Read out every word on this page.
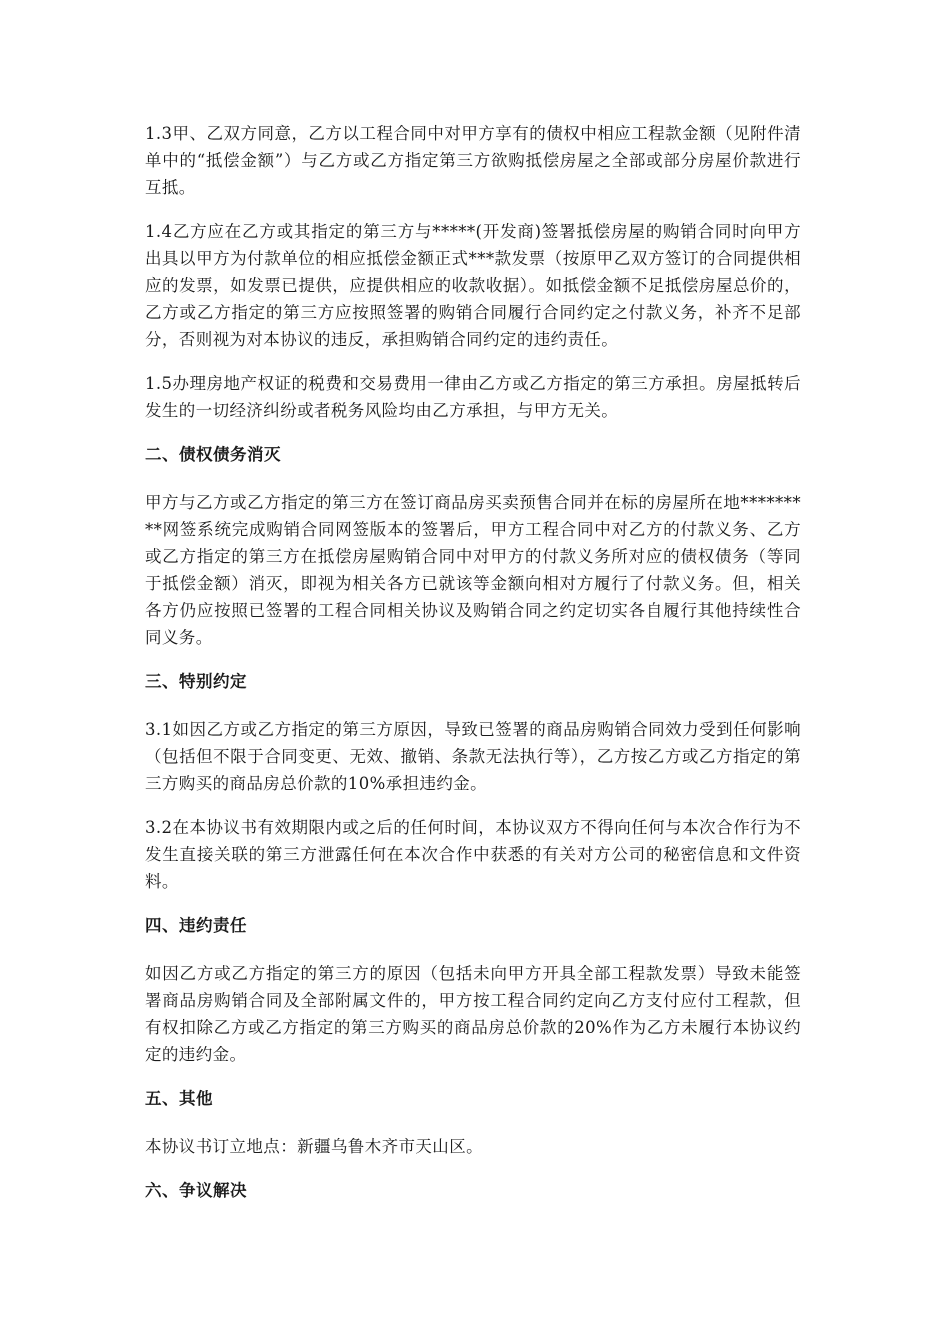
1.3甲、乙双方同意，乙方以工程合同中对甲方享有的债权中相应工程款金额（见附件清单中的“抵偿金额”）与乙方或乙方指定第三方欲购抵偿房屋之全部或部分房屋价款进行互抵。

1.4乙方应在乙方或其指定的第三方与*****(开发商)签署抵偿房屋的购销合同时向甲方出具以甲方为付款单位的相应抵偿金额正式***款发票（按原甲乙双方签订的合同提供相应的发票，如发票已提供，应提供相应的收款收据）。如抵偿金额不足抵偿房屋总价的，乙方或乙方指定的第三方应按照签署的购销合同履行合同约定之付款义务，补齐不足部分，否则视为对本协议的违反，承担购销合同约定的违约责任。

1.5办理房地产权证的税费和交易费用一律由乙方或乙方指定的第三方承担。房屋抵转后发生的一切经济纠纷或者税务风险均由乙方承担，与甲方无关。

二、债权债务消灭

甲方与乙方或乙方指定的第三方在签订商品房买卖预售合同并在标的房屋所在地*********网签系统完成购销合同网签版本的签署后，甲方工程合同中对乙方的付款义务、乙方或乙方指定的第三方在抵偿房屋购销合同中对甲方的付款义务所对应的债权债务（等同于抵偿金额）消灭，即视为相关各方已就该等金额向相对方履行了付款义务。但，相关各方仍应按照已签署的工程合同相关协议及购销合同之约定切实各自履行其他持续性合同义务。

三、特别约定

3.1如因乙方或乙方指定的第三方原因，导致已签署的商品房购销合同效力受到任何影响（包括但不限于合同变更、无效、撤销、条款无法执行等），乙方按乙方或乙方指定的第三方购买的商品房总价款的10%承担违约金。

3.2在本协议书有效期限内或之后的任何时间，本协议双方不得向任何与本次合作行为不发生直接关联的第三方泄露任何在本次合作中获悉的有关对方公司的秘密信息和文件资料。

四、违约责任

如因乙方或乙方指定的第三方的原因（包括未向甲方开具全部工程款发票）导致未能签署商品房购销合同及全部附属文件的，甲方按工程合同约定向乙方支付应付工程款，但有权扣除乙方或乙方指定的第三方购买的商品房总价款的20%作为乙方未履行本协议约定的违约金。

五、其他

本协议书订立地点：新疆乌鲁木齐市天山区。

六、争议解决
